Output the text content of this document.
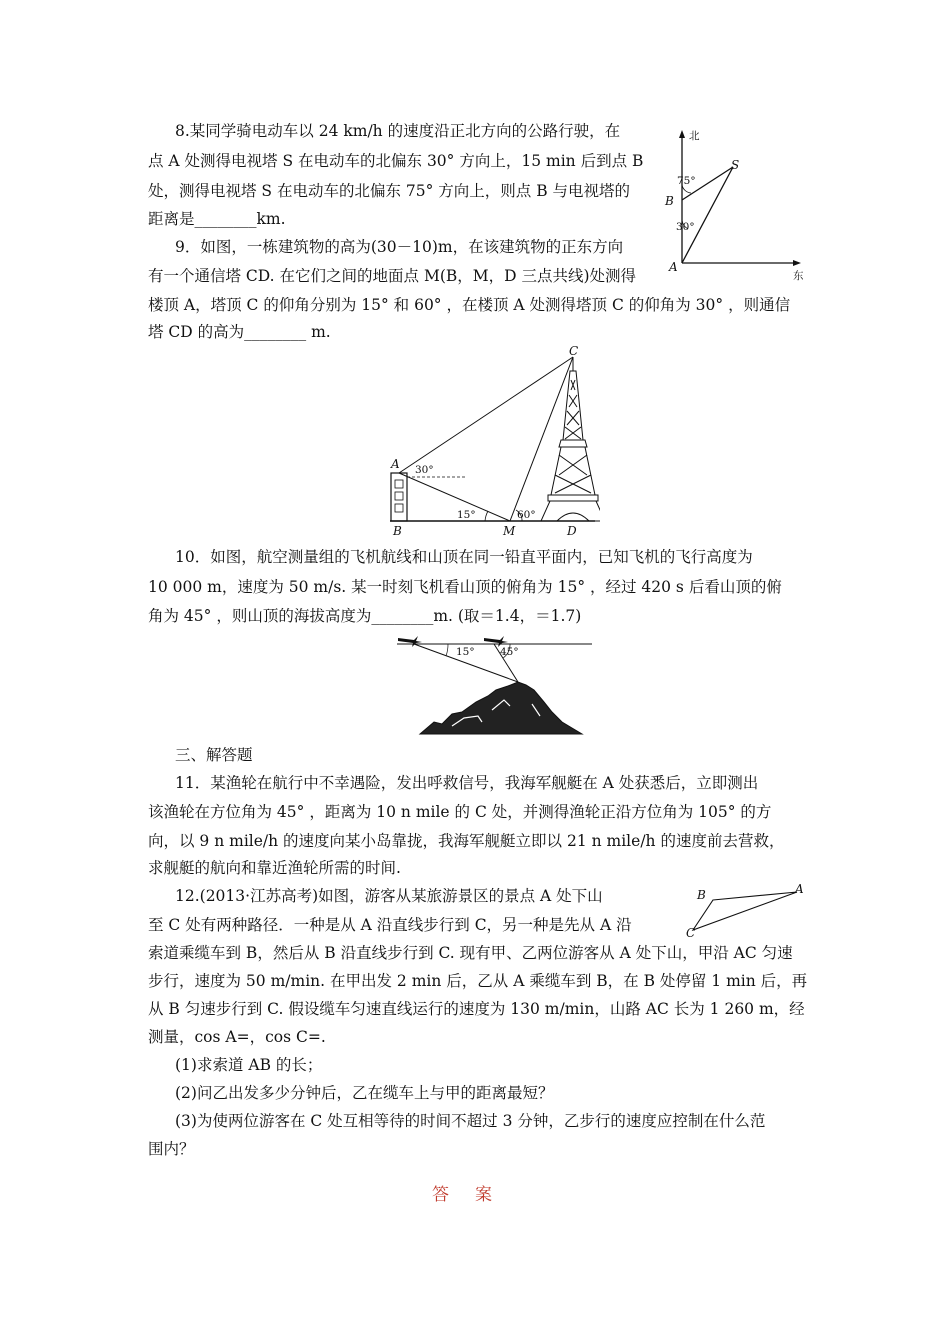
8.某同学骑电动车以 24 km/h 的速度沿正北方向的公路行驶，在

点 A 处测得电视塔 S 在电动车的北偏东 30° 方向上，15 min 后到点 B

处，测得电视塔 S 在电动车的北偏东 75° 方向上，则点 B 与电视塔的

距离是________km.

北
东
A
B
S
75°
30°

9．如图，一栋建筑物的高为(30－10)m，在该建筑物的正东方向

有一个通信塔 CD. 在它们之间的地面点 M(B，M，D 三点共线)处测得

楼顶 A，塔顶 C 的仰角分别为 15° 和 60° ，在楼顶 A 处测得塔顶 C 的仰角为 30° ，则通信

塔 CD 的高为________ m.

A
B
C
M	D
30°
15°	60°

10．如图，航空测量组的飞机航线和山顶在同一铅直平面内，已知飞机的飞行高度为

10 000 m，速度为 50 m/s. 某一时刻飞机看山顶的俯角为 15° ，经过 420 s 后看山顶的俯

角为 45° ，则山顶的海拔高度为________m. (取＝1.4，＝1.7)

15° 45°

三、解答题

11．某渔轮在航行中不幸遇险，发出呼救信号，我海军舰艇在 A 处获悉后，立即测出

该渔轮在方位角为 45° ，距离为 10 n mile 的 C 处，并测得渔轮正沿方位角为 105° 的方

向，以 9 n mile/h 的速度向某小岛靠拢，我海军舰艇立即以 21 n mile/h 的速度前去营救，

求舰艇的航向和靠近渔轮所需的时间.

12.(2013·江苏高考)如图，游客从某旅游景区的景点 A 处下山

至 C 处有两种路径．一种是从 A 沿直线步行到 C，另一种是先从 A 沿

索道乘缆车到 B，然后从 B 沿直线步行到 C. 现有甲、乙两位游客从 A 处下山，甲沿 AC 匀速

步行，速度为 50 m/min. 在甲出发 2 min 后，乙从 A 乘缆车到 B，在 B 处停留 1 min 后，再

从 B 匀速步行到 C. 假设缆车匀速直线运行的速度为 130 m/min，山路 AC 长为 1 260 m，经

测量，cos A=，cos C=.

(1)求索道 AB 的长；

(2)问乙出发多少分钟后，乙在缆车上与甲的距离最短？

(3)为使两位游客在 C 处互相等待的时间不超过 3 分钟，乙步行的速度应控制在什么范

围内？

B	A
C
答案
